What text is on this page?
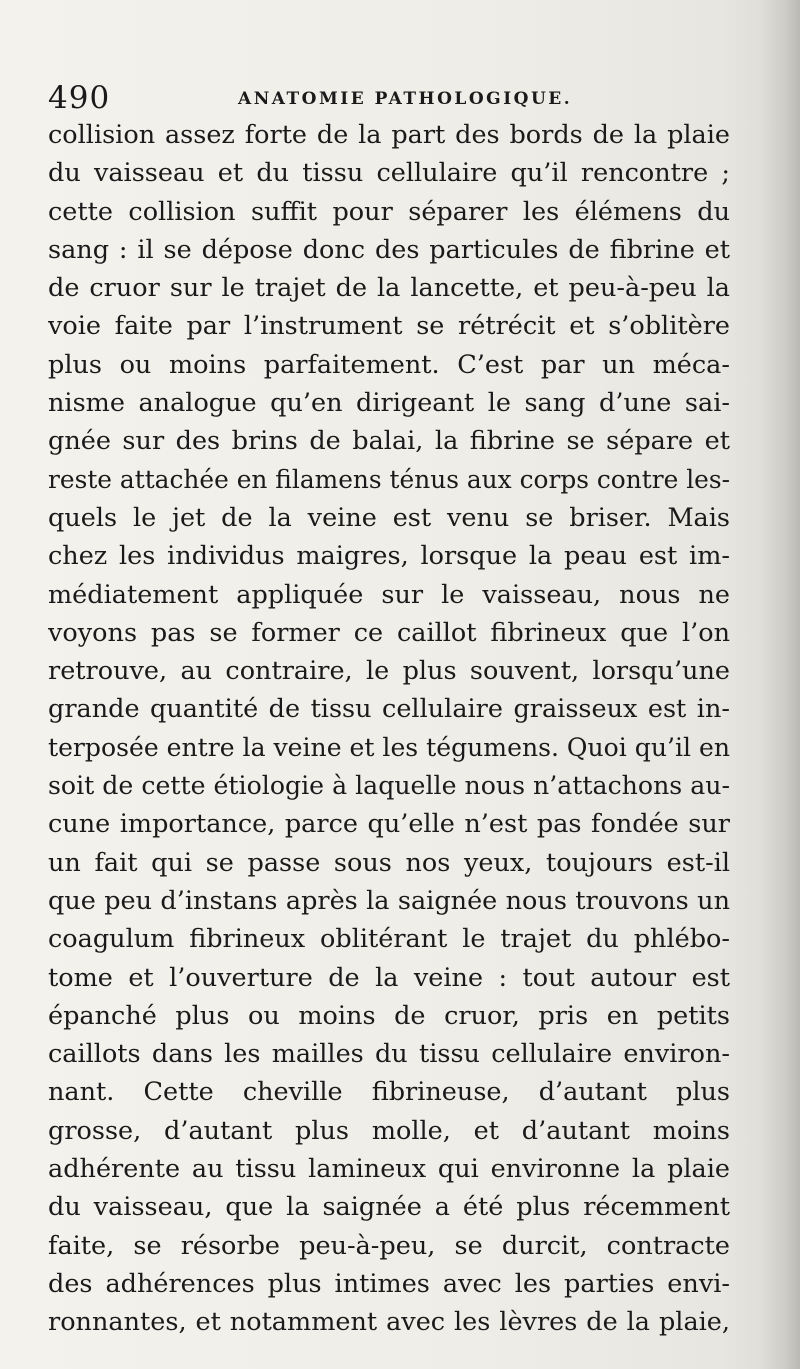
490	ANATOMIE PATHOLOGIQUE.
collision assez forte de la part des bords de la plaie
du vaisseau et du tissu cellulaire qu’il rencontre ;
cette collision suffit pour séparer les élémens du
sang : il se dépose donc des particules de fibrine et
de cruor sur le trajet de la lancette, et peu-à-peu la
voie faite par l’instrument se rétrécit et s’oblitère
plus ou moins parfaitement. C’est par un méca-
nisme analogue qu’en dirigeant le sang d’une sai-
gnée sur des brins de balai, la fibrine se sépare et
reste attachée en filamens ténus aux corps contre les-
quels le jet de la veine est venu se briser. Mais
chez les individus maigres, lorsque la peau est im-
médiatement appliquée sur le vaisseau, nous ne
voyons pas se former ce caillot fibrineux que l’on
retrouve, au contraire, le plus souvent, lorsqu’une
grande quantité de tissu cellulaire graisseux est in-
terposée entre la veine et les tégumens. Quoi qu’il en
soit de cette étiologie à laquelle nous n’attachons au-
cune importance, parce qu’elle n’est pas fondée sur
un fait qui se passe sous nos yeux, toujours est-il
que peu d’instans après la saignée nous trouvons un
coagulum fibrineux oblitérant le trajet du phlébo-
tome et l’ouverture de la veine : tout autour est
épanché plus ou moins de cruor, pris en petits
caillots dans les mailles du tissu cellulaire environ-
nant. Cette cheville fibrineuse, d’autant plus
grosse, d’autant plus molle, et d’autant moins
adhérente au tissu lamineux qui environne la plaie
du vaisseau, que la saignée a été plus récemment
faite, se résorbe peu-à-peu, se durcit, contracte
des adhérences plus intimes avec les parties envi-
ronnantes, et notamment avec les lèvres de la plaie,
